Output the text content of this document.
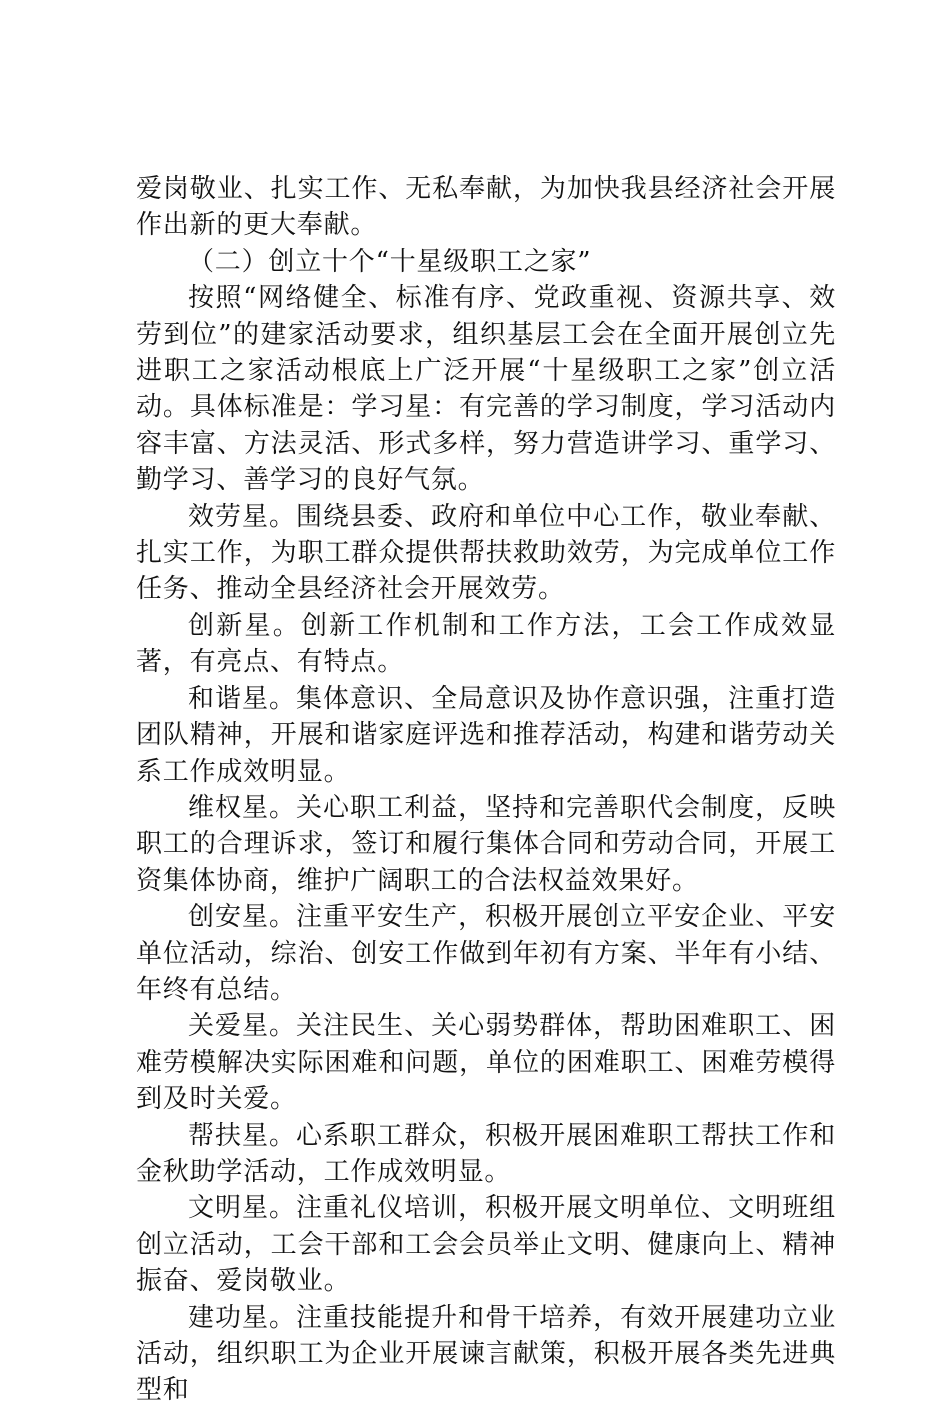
爱岗敬业、扎实工作、无私奉献，为加快我县经济社会开展作出新的更大奉献。

（二）创立十个“十星级职工之家”

按照“网络健全、标准有序、党政重视、资源共享、效劳到位”的建家活动要求，组织基层工会在全面开展创立先进职工之家活动根底上广泛开展“十星级职工之家”创立活动。具体标准是：学习星：有完善的学习制度，学习活动内容丰富、方法灵活、形式多样，努力营造讲学习、重学习、勤学习、善学习的良好气氛。

效劳星。围绕县委、政府和单位中心工作，敬业奉献、扎实工作，为职工群众提供帮扶救助效劳，为完成单位工作任务、推动全县经济社会开展效劳。

创新星。创新工作机制和工作方法，工会工作成效显著，有亮点、有特点。

和谐星。集体意识、全局意识及协作意识强，注重打造团队精神，开展和谐家庭评选和推荐活动，构建和谐劳动关系工作成效明显。

维权星。关心职工利益，坚持和完善职代会制度，反映职工的合理诉求，签订和履行集体合同和劳动合同，开展工资集体协商，维护广阔职工的合法权益效果好。

创安星。注重平安生产，积极开展创立平安企业、平安单位活动，综治、创安工作做到年初有方案、半年有小结、年终有总结。

关爱星。关注民生、关心弱势群体，帮助困难职工、困难劳模解决实际困难和问题，单位的困难职工、困难劳模得到及时关爱。

帮扶星。心系职工群众，积极开展困难职工帮扶工作和金秋助学活动，工作成效明显。

文明星。注重礼仪培训，积极开展文明单位、文明班组创立活动，工会干部和工会会员举止文明、健康向上、精神振奋、爱岗敬业。

建功星。注重技能提升和骨干培养，有效开展建功立业活动，组织职工为企业开展谏言献策，积极开展各类先进典型和
